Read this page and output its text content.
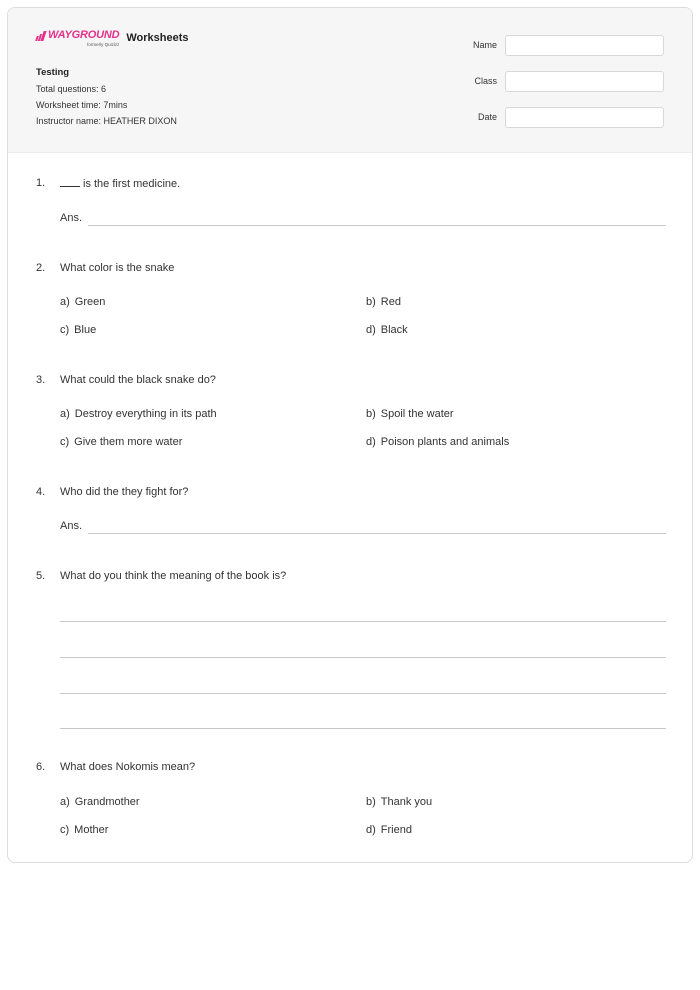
WAYGROUND
formerly Quizizz
Worksheets
Testing
Total questions: 6
Worksheet time: 7mins
Instructor name: HEATHER DIXON
Name
Class
Date
1.	is the first medicine.
Ans.
2.	What color is the snake
a) Green	b) Red
c) Blue	d) Black
3.	What could the black snake do?
a) Destroy everything in its path	b) Spoil the water
c) Give them more water	d) Poison plants and animals
4.	Who did the they fight for?
Ans.
5.	What do you think the meaning of the book is?
6.	What does Nokomis mean?
a) Grandmother	b) Thank you
c) Mother	d) Friend
